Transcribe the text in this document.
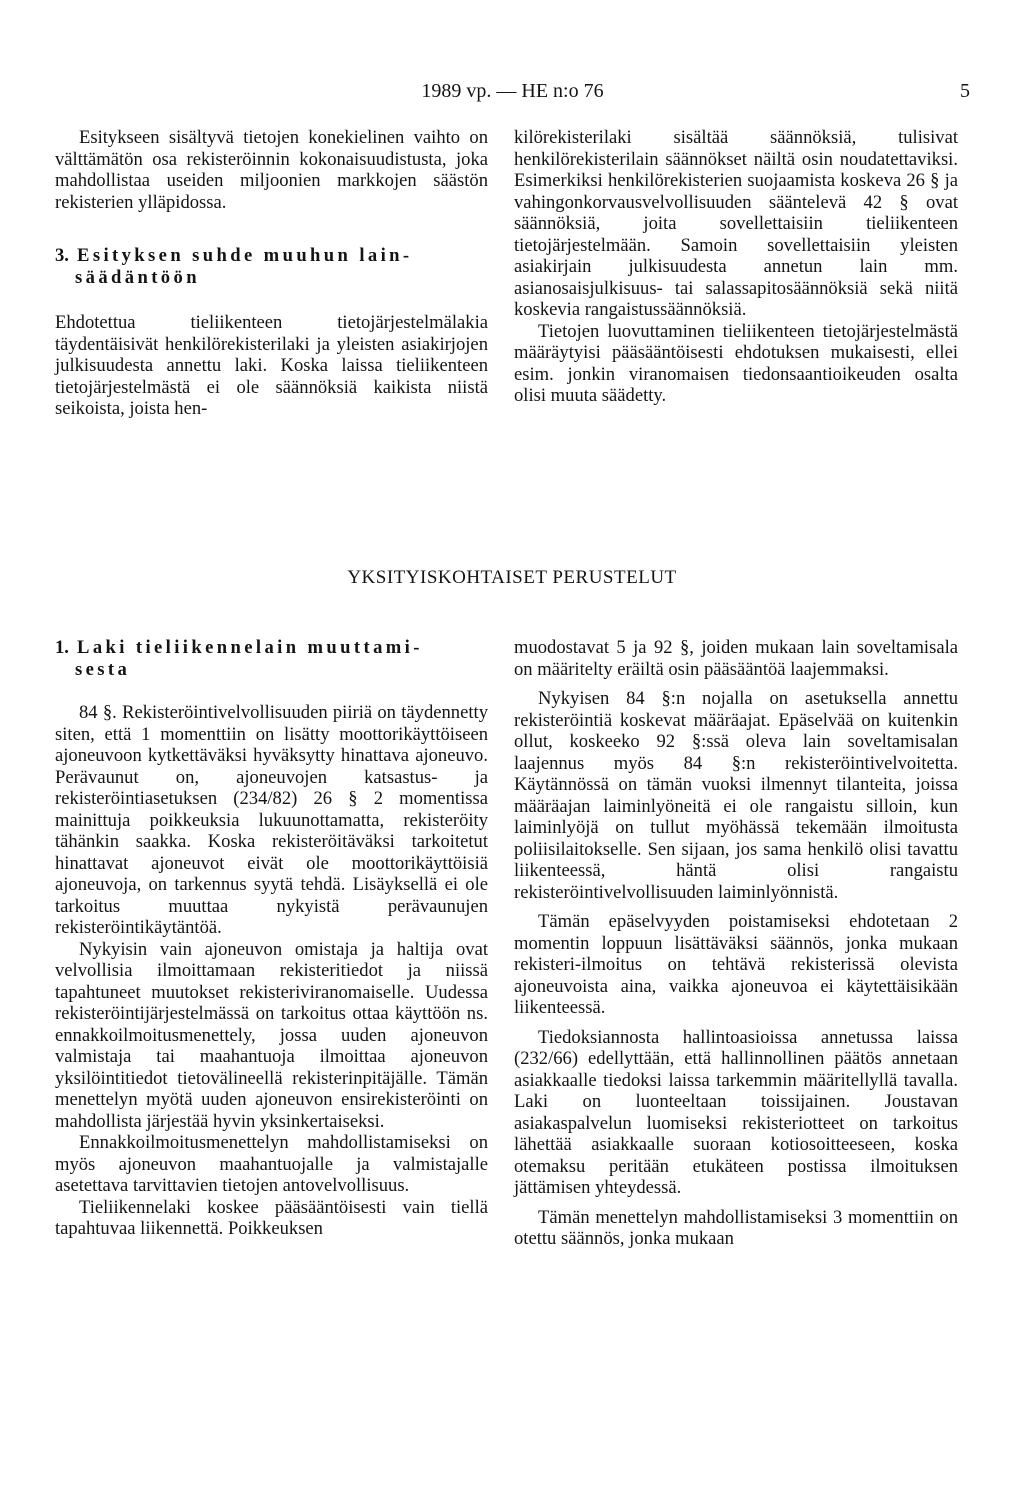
1989 vp. — HE n:o 76	5

Esitykseen sisältyvä tietojen konekielinen vaihto on välttämätön osa rekisteröinnin kokonaisuudistusta, joka mahdollistaa useiden miljoonien markkojen säästön rekisterien ylläpidossa.

3. Esityksen suhde muuhun lain-
säädäntöön

Ehdotettua tieliikenteen tietojärjestelmälakia täydentäisivät henkilörekisterilaki ja yleisten asiakirjojen julkisuudesta annettu laki. Koska laissa tieliikenteen tietojärjestelmästä ei ole säännöksiä kaikista niistä seikoista, joista hen-

kilörekisterilaki sisältää säännöksiä, tulisivat henkilörekisterilain säännökset näiltä osin noudatettaviksi. Esimerkiksi henkilörekisterien suojaamista koskeva 26 § ja vahingonkorvausvelvollisuuden sääntelevä 42 § ovat säännöksiä, joita sovellettaisiin tieliikenteen tietojärjestelmään. Samoin sovellettaisiin yleisten asiakirjain julkisuudesta annetun lain mm. asianosaisjulkisuus- tai salassapitosäännöksiä sekä niitä koskevia rangaistussäännöksiä.

Tietojen luovuttaminen tieliikenteen tietojärjestelmästä määräytyisi pääsääntöisesti ehdotuksen mukaisesti, ellei esim. jonkin viranomaisen tiedonsaantioikeuden osalta olisi muuta säädetty.

YKSITYISKOHTAISET PERUSTELUT
1. Laki tieliikennelain muuttami-
sesta

84 §. Rekisteröintivelvollisuuden piiriä on täydennetty siten, että 1 momenttiin on lisätty moottorikäyttöiseen ajoneuvoon kytkettäväksi hyväksytty hinattava ajoneuvo. Perävaunut on, ajoneuvojen katsastus- ja rekisteröintiasetuksen (234/82) 26 § 2 momentissa mainittuja poikkeuksia lukuunottamatta, rekisteröity tähänkin saakka. Koska rekisteröitäväksi tarkoitetut hinattavat ajoneuvot eivät ole moottorikäyttöisiä ajoneuvoja, on tarkennus syytä tehdä. Lisäyksellä ei ole tarkoitus muuttaa nykyistä perävaunujen rekisteröintikäytäntöä.

Nykyisin vain ajoneuvon omistaja ja haltija ovat velvollisia ilmoittamaan rekisteritiedot ja niissä tapahtuneet muutokset rekisteriviranomaiselle. Uudessa rekisteröintijärjestelmässä on tarkoitus ottaa käyttöön ns. ennakkoilmoitusmenettely, jossa uuden ajoneuvon valmistaja tai maahantuoja ilmoittaa ajoneuvon yksilöintitiedot tietovälineellä rekisterinpitäjälle. Tämän menettelyn myötä uuden ajoneuvon ensirekisteröinti on mahdollista järjestää hyvin yksinkertaiseksi.

Ennakkoilmoitusmenettelyn mahdollistamiseksi on myös ajoneuvon maahantuojalle ja valmistajalle asetettava tarvittavien tietojen antovelvollisuus.

Tieliikennelaki koskee pääsääntöisesti vain tiellä tapahtuvaa liikennettä. Poikkeuksen

muodostavat 5 ja 92 §, joiden mukaan lain soveltamisala on määritelty eräiltä osin pääsääntöä laajemmaksi.

Nykyisen 84 §:n nojalla on asetuksella annettu rekisteröintiä koskevat määräajat. Epäselvää on kuitenkin ollut, koskeeko 92 §:ssä oleva lain soveltamisalan laajennus myös 84 §:n rekisteröintivelvoitetta. Käytännössä on tämän vuoksi ilmennyt tilanteita, joissa määräajan laiminlyöneitä ei ole rangaistu silloin, kun laiminlyöjä on tullut myöhässä tekemään ilmoitusta poliisilaitokselle. Sen sijaan, jos sama henkilö olisi tavattu liikenteessä, häntä olisi rangaistu rekisteröintivelvollisuuden laiminlyönnistä.

Tämän epäselvyyden poistamiseksi ehdotetaan 2 momentin loppuun lisättäväksi säännös, jonka mukaan rekisteri-ilmoitus on tehtävä rekisterissä olevista ajoneuvoista aina, vaikka ajoneuvoa ei käytettäisikään liikenteessä.

Tiedoksiannosta hallintoasioissa annetussa laissa (232/66) edellyttään, että hallinnollinen päätös annetaan asiakkaalle tiedoksi laissa tarkemmin määritellyllä tavalla. Laki on luonteeltaan toissijainen. Joustavan asiakaspalvelun luomiseksi rekisteriotteet on tarkoitus lähettää asiakkaalle suoraan kotiosoitteeseen, koska otemaksu peritään etukäteen postissa ilmoituksen jättämisen yhteydessä.

Tämän menettelyn mahdollistamiseksi 3 momenttiin on otettu säännös, jonka mukaan
